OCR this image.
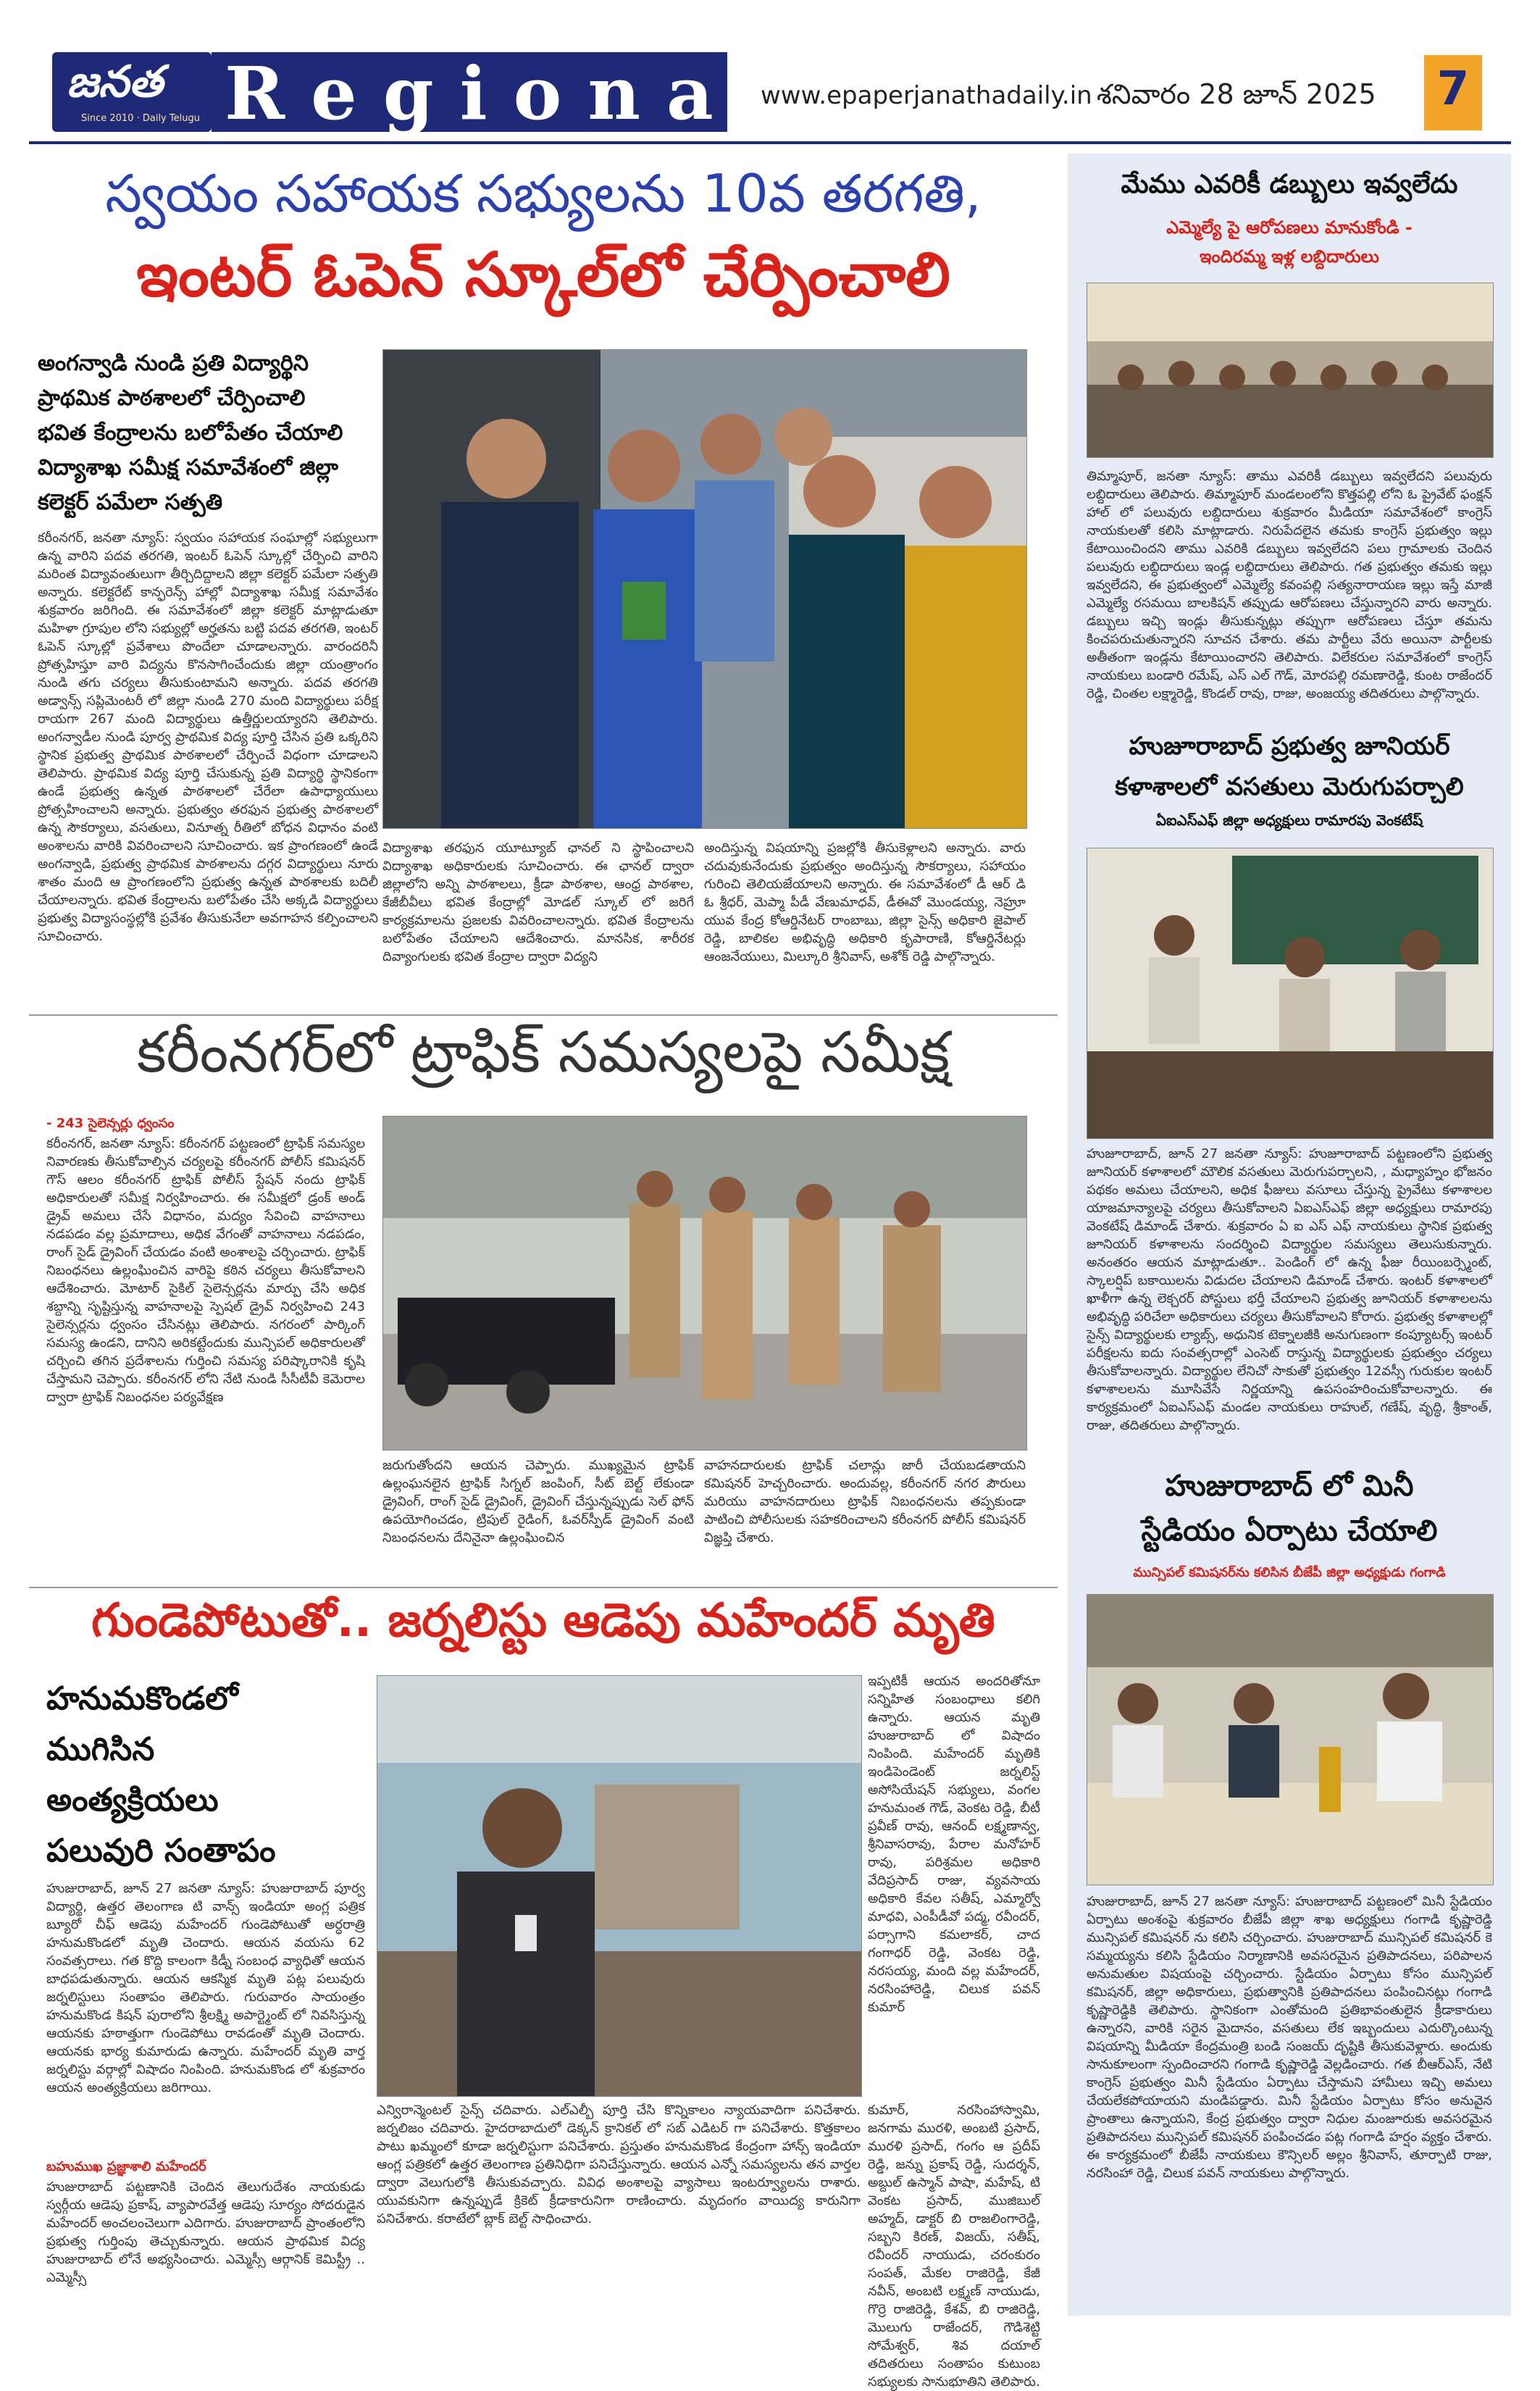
జనత
Since 2010 · Daily Telugu Regional
www.epaperjanathadaily.in శనివారం 28 జూన్ 2025 7
స్వయం సహాయక సభ్యులను 10వ తరగతి,
ఇంటర్ ఓపెన్ స్కూల్‌లో చేర్పించాలి
అంగన్వాడి నుండి ప్రతి విద్యార్థిని
ప్రాథమిక పాఠశాలలో చేర్పించాలి
భవిత కేంద్రాలను బలోపేతం చేయాలి
విద్యాశాఖ సమీక్ష సమావేశంలో జిల్లా
కలెక్టర్ పమేలా సత్పతి
కరీంనగర్, జనతా న్యూస్: స్వయం సహాయక సంఘాల్లో సభ్యులుగా ఉన్న వారిని పదవ తరగతి, ఇంటర్ ఓపెన్ స్కూల్లో చేర్పించి వారిని మరింత విద్యావంతులుగా తీర్చిదిద్దాలని జిల్లా కలెక్టర్ పమేలా సత్పతి అన్నారు. కలెక్టరేట్ కాన్ఫరెన్స్ హాల్లో విద్యాశాఖ సమీక్ష సమావేశం శుక్రవారం జరిగింది. ఈ సమావేశంలో జిల్లా కలెక్టర్ మాట్లాడుతూ మహిళా గ్రూపుల లోని సభ్యుల్లో అర్హతను బట్టి పదవ తరగతి, ఇంటర్ ఓపెన్ స్కూల్లో ప్రవేశాలు పొందేలా చూడాలన్నారు. వారందరినీ ప్రోత్సహిస్తూ వారి విద్యను కొనసాగించేందుకు జిల్లా యంత్రాంగం నుండి తగు చర్యలు తీసుకుంటామని అన్నారు. పదవ తరగతి అడ్వాన్స్ సప్లిమెంటరీ లో జిల్లా నుండి 270 మంది విద్యార్థులు పరీక్ష రాయగా 267 మంది విద్యార్థులు ఉత్తీర్ణులయ్యారని తెలిపారు. అంగన్వాడీల నుండి పూర్వ ప్రాథమిక విద్య పూర్తి చేసిన ప్రతి ఒక్కరిని స్థానిక ప్రభుత్వ ప్రాథమిక పాఠశాలలో చేర్పించే విధంగా చూడాలని తెలిపారు. ప్రాథమిక విద్య పూర్తి చేసుకున్న ప్రతి విద్యార్థి స్థానికంగా ఉండే ప్రభుత్వ ఉన్నత పాఠశాలలో చేరేలా ఉపాధ్యాయులు ప్రోత్సహించాలని అన్నారు. ప్రభుత్వం తరఫున ప్రభుత్వ పాఠశాలలో ఉన్న సౌకర్యాలు, వసతులు, వినూత్న రీతిలో బోధన విధానం వంటి అంశాలను వారికి వివరించాలని సూచించారు. ఇక ప్రాంగణంలో ఉండే అంగన్వాడి, ప్రభుత్వ ప్రాథమిక పాఠశాలను దగ్గర విద్యార్థులు నూరు శాతం మంది ఆ ప్రాంగణంలోని ప్రభుత్వ ఉన్నత పాఠశాలకు బదిలీ చేయాలన్నారు. భవిత కేంద్రాలను బలోపేతం చేసి అక్కడి విద్యార్థులు ప్రభుత్వ విద్యాసంస్థల్లోకి ప్రవేశం తీసుకునేలా అవగాహన కల్పించాలని సూచించారు.
విద్యాశాఖ తరఫున యూట్యూబ్ ఛానల్ ని స్థాపించాలని విద్యాశాఖ అధికారులకు సూచించారు. ఈ ఛానల్ ద్వారా జిల్లాలోని అన్ని పాఠశాలలు, క్రీడా పాఠశాల, ఆంధ్ర పాఠశాల, కేజీబీవీలు భవిత కేంద్రాల్లో మోడల్ స్కూల్ లో జరిగే కార్యక్రమాలను ప్రజలకు వివరించాలన్నారు. భవిత కేంద్రాలను బలోపేతం చేయాలని ఆదేశించారు. మానసిక, శారీరక దివ్యాంగులకు భవిత కేంద్రాల ద్వారా విద్యని
అందిస్తున్న విషయాన్ని ప్రజల్లోకి తీసుకెళ్లాలని అన్నారు. వారు చదువుకునేందుకు ప్రభుత్వం అందిస్తున్న సౌకర్యాలు, సహాయం గురించి తెలియజేయాలని అన్నారు. ఈ సమావేశంలో డీ ఆర్ డి ఓ శ్రీధర్, మెప్మా పీడీ వేణుమాధవ్, డీఈవో మొండయ్య, నెహ్రూ యువ కేంద్ర కోఆర్డినేటర్ రాంబాబు, జిల్లా సైన్స్ అధికారి జైపాల్ రెడ్డి, బాలికల అభివృద్ధి అధికారి కృపారాణి, కోఆర్డినేటర్లు ఆంజనేయులు, మిల్కూరి శ్రీనివాస్, అశోక్ రెడ్డి పాల్గొన్నారు.
కరీంనగర్‌లో ట్రాఫిక్ సమస్యలపై సమీక్ష
- 243 సైలెన్సర్లు ధ్వంసం
కరీంనగర్, జనతా న్యూస్: కరీంనగర్ పట్టణంలో ట్రాఫిక్ సమస్యల నివారణకు తీసుకోవాల్సిన చర్యలపై కరీంనగర్ పోలీస్ కమిషనర్ గౌస్ ఆలం కరీంనగర్ ట్రాఫిక్ పోలీస్ స్టేషన్ నందు ట్రాఫిక్ అధికారులతో సమీక్ష నిర్వహించారు. ఈ సమీక్షలో డ్రంక్ అండ్ డ్రైవ్ అమలు చేసే విధానం, మద్యం సేవించి వాహనాలు నడపడం వల్ల ప్రమాదాలు, అధిక వేగంతో వాహనాలు నడపడం, రాంగ్ సైడ్ డ్రైవింగ్ చేయడం వంటి అంశాలపై చర్చించారు. ట్రాఫిక్ నిబంధనలు ఉల్లంఘించిన వారిపై కఠిన చర్యలు తీసుకోవాలని ఆదేశించారు. మోటార్ సైకిల్ సైలెన్సర్లను మార్పు చేసి అధిక శబ్దాన్ని సృష్టిస్తున్న వాహనాలపై స్పెషల్ డ్రైవ్ నిర్వహించి 243 సైలెన్సర్లను ధ్వంసం చేసినట్లు తెలిపారు. నగరంలో పార్కింగ్ సమస్య ఉండని, దానిని అరికట్టేందుకు మున్సిపల్ అధికారులతో చర్చించి తగిన ప్రదేశాలను గుర్తించి సమస్య పరిష్కారానికి కృషి చేస్తామని చెప్పారు. కరీంనగర్ లోని నేటి నుండి సీసీటీవీ కెమెరాల ద్వారా ట్రాఫిక్ నిబంధనల పర్యవేక్షణ
జరుగుతోందని ఆయన చెప్పారు. ముఖ్యమైన ట్రాఫిక్ ఉల్లంఘనలైన ట్రాఫిక్ సిగ్నల్ జంపింగ్, సీట్ బెల్ట్ లేకుండా డ్రైవింగ్, రాంగ్ సైడ్ డ్రైవింగ్, డ్రైవింగ్ చేస్తున్నప్పుడు సెల్ ఫోన్ ఉపయోగించడం, ట్రిపుల్ రైడింగ్, ఓవర్‌స్పీడ్ డ్రైవింగ్ వంటి నిబంధనలను దేనినైనా ఉల్లంఘించిన
వాహనదారులకు ట్రాఫిక్ చలాన్లు జారీ చేయబడతాయని కమిషనర్ హెచ్చరించారు. అందువల్ల, కరీంనగర్ నగర పౌరులు మరియు వాహనదారులు ట్రాఫిక్ నిబంధనలను తప్పకుండా పాటించి పోలీసులకు సహకరించాలని కరీంనగర్ పోలీస్ కమిషనర్ విజ్ఞప్తి చేశారు.
గుండెపోటుతో.. జర్నలిస్టు ఆడెపు మహేందర్ మృతి
హనుమకొండలో
ముగిసిన
అంత్యక్రియలు
పలువురి సంతాపం
హుజురాబాద్, జూన్ 27 జనతా న్యూస్: హుజురాబాద్ పూర్వ విద్యార్థి, ఉత్తర తెలంగాణ టి వాన్స్ ఇండియా అంగ్ల పత్రిక బ్యూరో చీఫ్ ఆడెపు మహేందర్ గుండెపోటుతో అర్ధరాత్రి హనుమకొండలో మృతి చెందారు. ఆయన వయసు 62 సంవత్సరాలు. గత కొద్ది కాలంగా కిడ్నీ సంబంధ వ్యాధితో ఆయన బాధపడుతున్నారు. ఆయన ఆకస్మిక మృతి పట్ల పలువురు జర్నలిస్టులు సంతాపం తెలిపారు. గురువారం సాయంత్రం హనుమకొండ కిషన్ పురాలోని శ్రీలక్ష్మి అపార్ట్మెంట్ లో నివసిస్తున్న ఆయనకు హఠాత్తుగా గుండెపోటు రావడంతో మృతి చెందారు. ఆయనకు భార్య కుమారుడు ఉన్నారు. మహేందర్ మృతి వార్త జర్నలిస్టు వర్గాల్లో విషాదం నింపింది. హనుమకొండ లో శుక్రవారం ఆయన అంత్యక్రియలు జరిగాయి.
బహుముఖ ప్రజ్ఞాశాలి మహేందర్
హుజురాబాద్ పట్టణానికి చెందిన తెలుగుదేశం నాయకుడు స్వర్గీయ ఆడెపు ప్రకాష్, వ్యాపారవేత్త ఆడెపు సూర్యం సోదరుడైన మహేందర్ అంచలంచెలుగా ఎదిగారు. హుజురాబాద్ ప్రాంతంలోని ప్రభుత్వ గుర్తింపు తెచ్చుకున్నారు. ఆయన ప్రాథమిక విద్య హుజురాబాద్ లోనే అభ్యసించారు. ఎమ్మెస్సీ ఆర్గానిక్ కెమిస్ట్రీ .. ఎమ్మెస్సీ
ఎన్విరాన్మెంటల్ సైన్స్ చదివారు. ఎల్ఎల్బీ పూర్తి చేసి కొన్నికాలం న్యాయవాదిగా పనిచేశారు. జర్నలిజం చదివారు. హైదరాబాదులో డెక్కన్ క్రానికల్ లో సబ్ ఎడిటర్ గా పనిచేశారు. కొత్తకాలం పాటు ఖమ్మంలో కూడా జర్నలిస్టుగా పనిచేశారు. ప్రస్తుతం హనుమకొండ కేంద్రంగా హాన్స్ ఇండియా ఆంగ్ల పత్రికలో ఉత్తర తెలంగాణ ప్రతినిధిగా పనిచేస్తున్నారు. ఆయన ఎన్నో సమస్యలను తన వార్తల ద్వారా వెలుగులోకి తీసుకువచ్చారు. వివిధ అంశాలపై వ్యాసాలు ఇంటర్వ్యూలను రాశారు. యువకునిగా ఉన్నప్పుడే క్రికెట్ క్రీడాకారునిగా రాణించారు. మృదంగం వాయిద్య కారునిగా పనిచేశారు. కరాటేలో బ్లాక్ బెల్ట్ సాధించారు.
ఇప్పటికీ ఆయన అందరితోనూ సన్నిహిత సంబంధాలు కలిగి ఉన్నారు. ఆయన మృతి హుజురాబాద్ లో విషాదం నింపింది. మహేందర్ మృతికి ఇండిపెండెంట్ జర్నలిస్ట్ అసోసియేషన్ సభ్యులు, వంగల హనుమంత గౌడ్, వెంకట రెడ్డి, బీటీ ప్రవీణ్ రావు, ఆనంద్ లక్ష్మణాన్వ, శ్రీనివాసరావు, పేరాల మనోహర్ రావు, పరిశ్రమల అధికారి వేదిప్రసాద్ రాజు, వ్యవసాయ అధికారి కేవల సతీష్, ఎమ్మార్వో మాధవి, ఎంపీడీవో పద్మ, రవీందర్, పర్సాగాని కమలాకర్, చాద గంగాధర్ రెడ్డి, వెంకట రెడ్డి, నరసయ్య, మంది వల్ల మహేందర్, నరసింహారెడ్డి, చిలుక పవన్ కుమార్
కుమార్, నరసింహాస్వామి, జనగామ మురళి, అంబటి ప్రసాద్, మురళి ప్రసాద్, గంగం ఆ ప్రదీప్ రెడ్డి, జన్ను ప్రకాష్ రెడ్డి, సుదర్శన్, అబ్దుల్ ఉస్మాన్ పాషా, మహేష్, టి వెంకట ప్రసాద్, ముజిబుల్ అహ్మద్, డాక్టర్ బి రాజలింగారెడ్డి, సబ్బని కిరణ్, విజయ్, సతీష్, రవీందర్ నాయుడు, చరంకురం సంపత్, మేకల రాజిరెడ్డి, కేజీ నవీన్, అంబటి లక్ష్మణ్ నాయుడు, గొర్రె రాజిరెడ్డి, కేశవ్, బి రాజిరెడ్డి, మొలుగు రాజేందర్, గౌడిశెట్టి సోమేశ్వర్, శివ దయాల్ తదితరులు సంతాపం కుటుంబ సభ్యులకు సానుభూతిని తెలిపారు.
మేము ఎవరికీ డబ్బులు ఇవ్వలేదు
ఎమ్మెల్యే పై ఆరోపణలు మానుకోండి -
ఇందిరమ్మ ఇళ్ల లబ్దిదారులు
తిమ్మాపూర్, జనతా న్యూస్: తాము ఎవరికీ డబ్బులు ఇవ్వలేదని పలువురు లబ్దిదారులు తెలిపారు. తిమ్మాపూర్ మండలంలోని కొత్తపల్లి లోని ఓ ప్రైవేట్ ఫంక్షన్ హాల్ లో పలువురు లబ్దిదారులు శుక్రవారం మీడియా సమావేశంలో కాంగ్రెస్ నాయకులతో కలిసి మాట్లాడారు. నిరుపేదలైన తమకు కాంగ్రెస్ ప్రభుత్వం ఇల్లు కేటాయించిందని తాము ఎవరికి డబ్బులు ఇవ్వలేదని పలు గ్రామాలకు చెందిన పలువురు లబ్ధిదారులు ఇండ్ల లబ్ధిదారులు తెలిపారు. గత ప్రభుత్వం తమకు ఇల్లు ఇవ్వలేదని, ఈ ప్రభుత్వంలో ఎమ్మెల్యే కవంపల్లి సత్యనారాయణ ఇల్లు ఇస్తే మాజీ ఎమ్మెల్యే రసమయి బాలకిషన్ తప్పుడు ఆరోపణలు చేస్తున్నారని వారు అన్నారు. డబ్బులు ఇచ్చి ఇండ్లు తీసుకున్నట్లు తప్పుగా ఆరోపణలు చేస్తూ తమను కించపరుచుతున్నారని సూచన చేశారు. తమ పార్టీలు వేరు అయినా పార్టీలకు అతీతంగా ఇండ్లను కేటాయించారని తెలిపారు. విలేకరుల సమావేశంలో కాంగ్రెస్ నాయకులు బండారి రమేష్, ఎస్ ఎల్ గౌడ్, మోరపల్లి రమణారెడ్డి, కుంట రాజేందర్ రెడ్డి, చింతల లక్ష్మారెడ్డి, కొండల్ రావు, రాజు, అంజయ్య తదితరులు పాల్గొన్నారు.
హుజూరాబాద్ ప్రభుత్వ జూనియర్
కళాశాలలో వసతులు మెరుగుపర్చాలి
ఏఐఎస్ఎఫ్ జిల్లా అధ్యక్షులు రామారపు వెంకటేష్
హుజూరాబాద్, జూన్ 27 జనతా న్యూస్: హుజూరాబాద్ పట్టణంలోని ప్రభుత్వ జూనియర్ కళాశాలలో మౌలిక వసతులు మెరుగుపర్చాలని, , మధ్యాహ్నం భోజనం పథకం అమలు చేయాలని, అధిక ఫీజులు వసూలు చేస్తున్న ప్రైవేటు కళాశాలల యాజమాన్యాలపై చర్యలు తీసుకోవాలని ఏఐఎస్ఎఫ్ జిల్లా అధ్యక్షులు రామారపు వెంకటేష్ డిమాండ్ చేశారు. శుక్రవారం ఏ ఐ ఎస్ ఎఫ్ నాయకులు స్థానిక ప్రభుత్వ జూనియర్ కళాశాలను సందర్శించి విద్యార్థుల సమస్యలు తెలుసుకున్నారు. అనంతరం ఆయన మాట్లాడుతూ.. పెండింగ్ లో ఉన్న ఫీజు రీయింబర్స్మెంట్, స్కాలర్షిప్ బకాయిలను విడుదల చేయాలని డిమాండ్ చేశారు. ఇంటర్ కళాశాలలో ఖాళీగా ఉన్న లెక్చరర్ పోస్టులు భర్తీ చేయాలని ప్రభుత్వ జూనియర్ కళాశాలలను అభివృద్ధి పరిచేలా అధికారులు చర్యలు తీసుకోవాలని కోరారు. ప్రభుత్వ కళాశాలల్లో సైన్స్ విద్యార్థులకు ల్యాబ్స్, అధునిక టెక్నాలజీకి అనుగుణంగా కంప్యూటర్స్ ఇంటర్ పరీక్షలను ఐదు సంవత్సరాల్లో ఎంసెట్ రాస్తున్న విద్యార్థులకు ప్రభుత్వం చర్యలు తీసుకోవాలన్నారు. విద్యార్థుల లేనిచో సాకుతో ప్రభుత్వం 12వస్సీ గురుకుల ఇంటర్ కళాశాలలను మూసివేసే నిర్ణయాన్ని ఉపసంహరించుకోవాలన్నారు. ఈ కార్యక్రమంలో ఏఐఎస్ఎఫ్ మండల నాయకులు రాహుల్, గణేష్, వృద్ధి, శ్రీకాంత్, రాజు, తదితరులు పాల్గొన్నారు.
హుజురాబాద్ లో మినీ
స్టేడియం ఏర్పాటు చేయాలి
మున్సిపల్ కమిషనర్‌ను కలిసిన బీజేపీ జిల్లా అధ్యక్షుడు గంగాడి
హుజురాబాద్, జూన్ 27 జనతా న్యూస్: హుజురాబాద్ పట్టణంలో మినీ స్టేడియం ఏర్పాటు అంశంపై శుక్రవారం బీజేపీ జిల్లా శాఖ అధ్యక్షులు గంగాడి కృష్ణారెడ్డి మున్సిపల్ కమిషనర్ ను కలిసి చర్చించారు. హుజురాబాద్ మున్సిపల్ కమిషనర్ కె సమ్మయ్యను కలిసి స్టేడియం నిర్మాణానికి అవసరమైన ప్రతిపాదనలు, పరిపాలన అనుమతుల విషయంపై చర్చించారు. స్టేడియం ఏర్పాటు కోసం మున్సిపల్ కమిషనర్, జిల్లా అధికారులు, ప్రభుత్వానికి ప్రతిపాదనలు పంపించినట్లు గంగాడి కృష్ణారెడ్డికి తెలిపారు. స్థానికంగా ఎంతోమంది ప్రతిభావంతులైన క్రీడాకారులు ఉన్నారని, వారికి సరైన మైదానం, వసతులు లేక ఇబ్బందులు ఎదుర్కొంటున్న విషయాన్ని మీడియా కేంద్రమంత్రి బండి సంజయ్ దృష్టికి తీసుకువెళ్లారు. అందుకు సానుకూలంగా స్పందించారని గంగాడి కృష్ణారెడ్డి వెల్లడించారు. గత బీఆర్ఎస్, నేటి కాంగ్రెస్ ప్రభుత్వం మినీ స్టేడియం ఏర్పాటు చేస్తామని హామీలు ఇచ్చి అమలు చేయలేకపోయాయని మండిపడ్డారు. మినీ స్టేడియం ఏర్పాటు కోసం అనువైన ప్రాంతాలు ఉన్నాయని, కేంద్ర ప్రభుత్వం ద్వారా నిధుల మంజూరుకు అవసరమైన ప్రతిపాదనలు మున్సిపల్ కమిషనర్ పంపించడం పట్ల గంగాడి హర్షం వ్యక్తం చేశారు. ఈ కార్యక్రమంలో బీజేపీ నాయకులు కౌన్సిలర్ అల్లం శ్రీనివాస్, తూర్పాటి రాజు, నరసింహా రెడ్డి, చిలుక పవన్ నాయకులు పాల్గొన్నారు.
